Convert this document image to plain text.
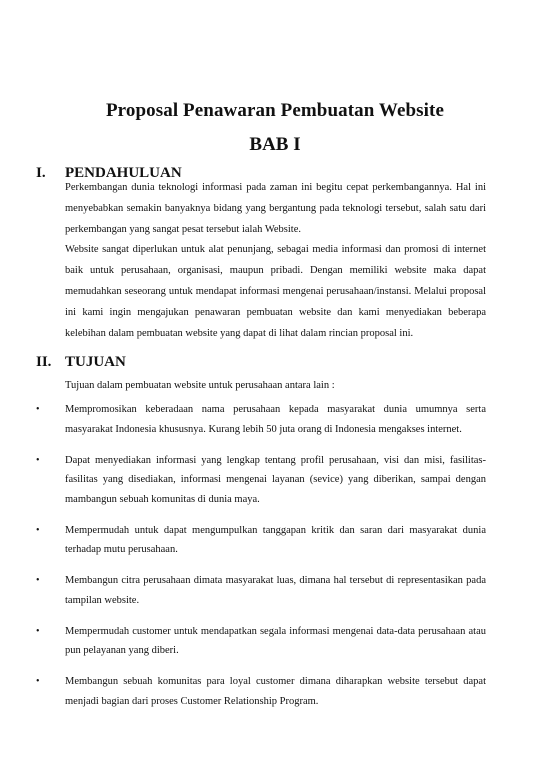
Proposal Penawaran Pembuatan Website
BAB I
I. PENDAHULUAN

Perkembangan dunia teknologi informasi pada zaman ini begitu cepat perkembangannya. Hal ini menyebabkan semakin banyaknya bidang yang bergantung pada teknologi tersebut, salah satu dari perkembangan yang sangat pesat tersebut ialah Website.

Website sangat diperlukan untuk alat penunjang, sebagai media informasi dan promosi di internet baik untuk perusahaan, organisasi, maupun pribadi. Dengan memiliki website maka dapat memudahkan seseorang untuk mendapat informasi mengenai perusahaan/instansi. Melalui proposal ini kami ingin mengajukan penawaran pembuatan website dan kami menyediakan beberapa kelebihan dalam pembuatan website yang dapat di lihat dalam rincian proposal ini.

II. TUJUAN
Tujuan dalam pembuatan website untuk perusahaan antara lain :
• Mempromosikan keberadaan nama perusahaan kepada masyarakat dunia umumnya serta masyarakat Indonesia khususnya. Kurang lebih 50 juta orang di Indonesia mengakses internet.
• Dapat menyediakan informasi yang lengkap tentang profil perusahaan, visi dan misi, fasilitas-fasilitas yang disediakan, informasi mengenai layanan (sevice) yang diberikan, sampai dengan mambangun sebuah komunitas di dunia maya.
• Mempermudah untuk dapat mengumpulkan tanggapan kritik dan saran dari masyarakat dunia terhadap mutu perusahaan.
• Membangun citra perusahaan dimata masyarakat luas, dimana hal tersebut di representasikan pada tampilan website.
• Mempermudah customer untuk mendapatkan segala informasi mengenai data-data perusahaan atau pun pelayanan yang diberi.
• Membangun sebuah komunitas para loyal customer dimana diharapkan website tersebut dapat menjadi bagian dari proses Customer Relationship Program.
